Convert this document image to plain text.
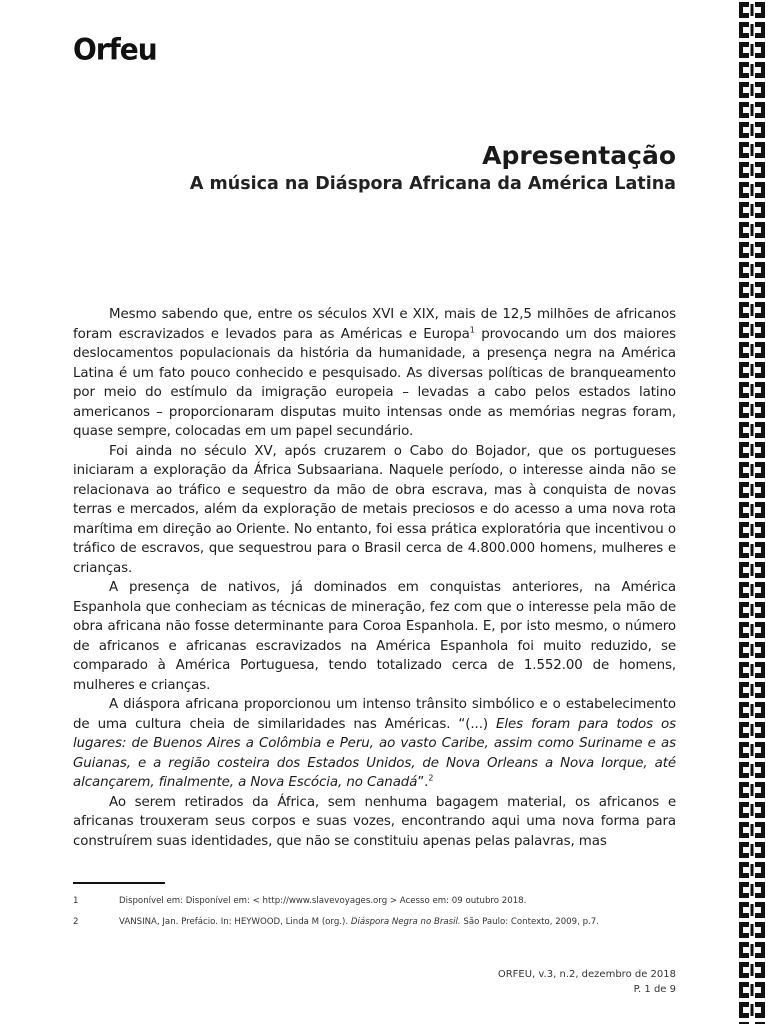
Orfeu
Apresentação
A música na Diáspora Africana da América Latina

Mesmo sabendo que, entre os séculos XVI e XIX, mais de 12,5 milhões de africanos foram escravizados e levados para as Américas e Europa$^1$ provocando um dos maiores deslocamentos populacionais da história da humanidade, a presença negra na América Latina é um fato pouco conhecido e pesquisado. As diversas políticas de branqueamento por meio do estímulo da imigração europeia – levadas a cabo pelos estados latino americanos – proporcionaram disputas muito intensas onde as memórias negras foram, quase sempre, colocadas em um papel secundário.

Foi ainda no século XV, após cruzarem o Cabo do Bojador, que os portugueses iniciaram a exploração da África Subsaariana. Naquele período, o interesse ainda não se relacionava ao tráfico e sequestro da mão de obra escrava, mas à conquista de novas terras e mercados, além da exploração de metais preciosos e do acesso a uma nova rota marítima em direção ao Oriente. No entanto, foi essa prática exploratória que incentivou o tráfico de escravos, que sequestrou para o Brasil cerca de 4.800.000 homens, mulheres e crianças.

A presença de nativos, já dominados em conquistas anteriores, na América Espanhola que conheciam as técnicas de mineração, fez com que o interesse pela mão de obra africana não fosse determinante para Coroa Espanhola. E, por isto mesmo, o número de africanos e africanas escravizados na América Espanhola foi muito reduzido, se comparado à América Portuguesa, tendo totalizado cerca de 1.552.00 de homens, mulheres e crianças.

A diáspora africana proporcionou um intenso trânsito simbólico e o estabelecimento de uma cultura cheia de similaridades nas Américas. “(...) Eles foram para todos os lugares: de Buenos Aires a Colômbia e Peru, ao vasto Caribe, assim como Suriname e as Guianas, e a região costeira dos Estados Unidos, de Nova Orleans a Nova Iorque, até alcançarem, finalmente, a Nova Escócia, no Canadá”.$^2$

Ao serem retirados da África, sem nenhuma bagagem material, os africanos e africanas trouxeram seus corpos e suas vozes, encontrando aqui uma nova forma para construírem suas identidades, que não se constituiu apenas pelas palavras, mas

1	Disponível em: Disponível em: < http://www.slavevoyages.org > Acesso em: 09 outubro 2018.
2	VANSINA, Jan. Prefácio. In: HEYWOOD, Linda M (org.). Diáspora Negra no Brasil. São Paulo: Contexto, 2009, p.7.
ORFEU, v.3, n.2, dezembro de 2018
P. 1 de 9
